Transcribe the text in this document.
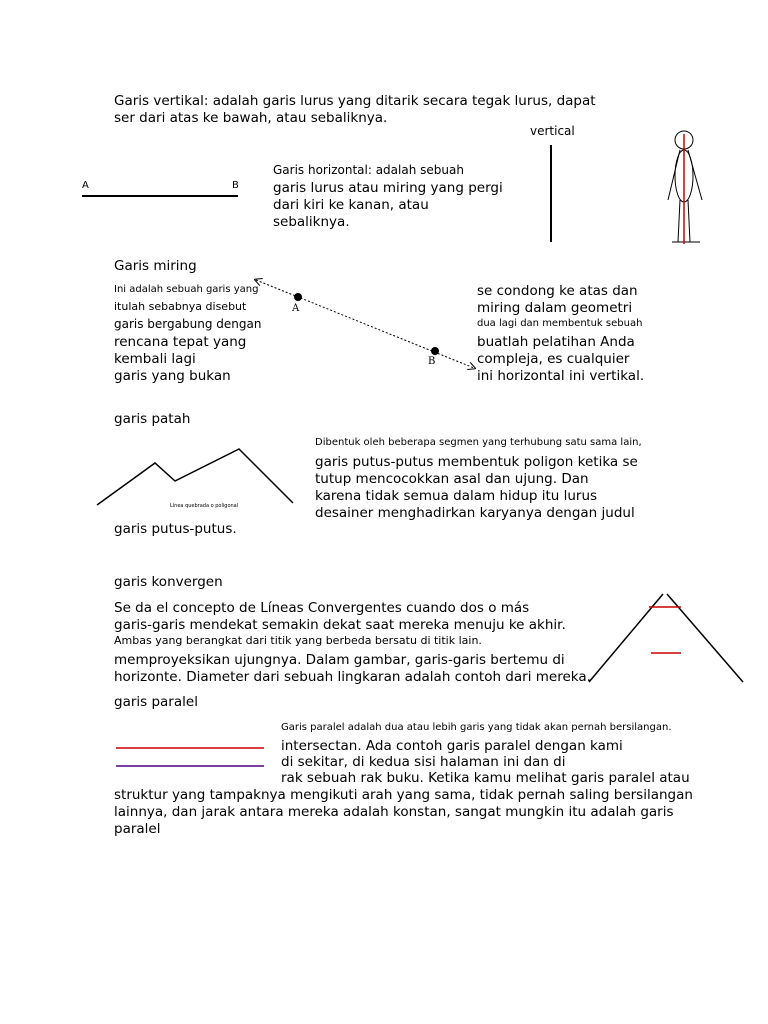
Garis vertikal: adalah garis lurus yang ditarik secara tegak lurus, dapat
ser dari atas ke bawah, atau sebaliknya.
vertical
A	B
Garis horizontal: adalah sebuah
garis lurus atau miring yang pergi
dari kiri ke kanan, atau
sebaliknya.
Garis miring
Ini adalah sebuah garis yang
itulah sebabnya disebut
garis bergabung dengan
rencana tepat yang
kembali lagi
garis yang bukan
A
B
se condong ke atas dan
miring dalam geometri
dua lagi dan membentuk sebuah
buatlah pelatihan Anda
compleja, es cualquier
ini horizontal ini vertikal.
garis patah
Línea quebrada o poligonal
Dibentuk oleh beberapa segmen yang terhubung satu sama lain,
garis putus-putus membentuk poligon ketika se
tutup mencocokkan asal dan ujung. Dan
karena tidak semua dalam hidup itu lurus
desainer menghadirkan karyanya dengan judul
garis putus-putus.
garis konvergen
Se da el concepto de Líneas Convergentes cuando dos o más
garis-garis mendekat semakin dekat saat mereka menuju ke akhir.
Ambas yang berangkat dari titik yang berbeda bersatu di titik lain.
memproyeksikan ujungnya. Dalam gambar, garis-garis bertemu di
horizonte. Diameter dari sebuah lingkaran adalah contoh dari mereka.
garis paralel
Garis paralel adalah dua atau lebih garis yang tidak akan pernah bersilangan.
intersectan. Ada contoh garis paralel dengan kami
di sekitar, di kedua sisi halaman ini dan di
rak sebuah rak buku. Ketika kamu melihat garis paralel atau
struktur yang tampaknya mengikuti arah yang sama, tidak pernah saling bersilangan
lainnya, dan jarak antara mereka adalah konstan, sangat mungkin itu adalah garis
paralel
